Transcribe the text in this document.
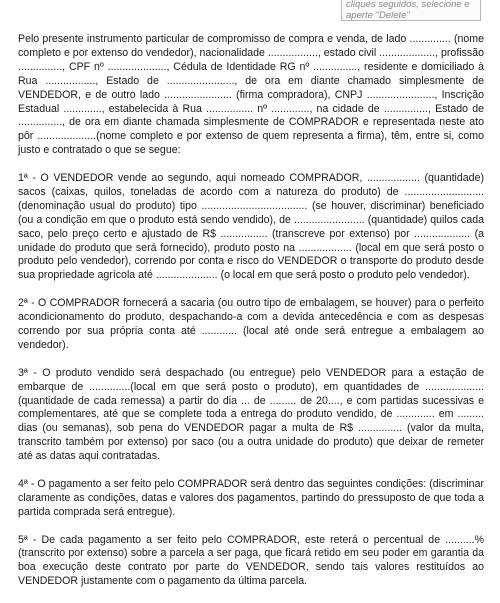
cliques seguidos, selecione e
aperte "Delete"

Pelo presente instrumento particular de compromisso de compra e venda, de lado .............. (nome completo e por extenso do vendedor), nacionalidade ................., estado civil ..................., profissão ..............., CPF nº ...................., Cédula de Identidade RG nº ..............., residente e domiciliado à Rua ................., Estado de ......................., de ora em diante chamado simplesmente de VENDEDOR, e de outro lado ....................... (firma compradora), CNPJ ......................., Inscrição Estadual ............., estabelecida à Rua ................ nº ............., na cidade de ..............., Estado de ..............., de ora em diante chamada simplesmente de COMPRADOR e representada neste ato pôr ....................(nome completo e por extenso de quem representa a firma), têm, entre si, como justo e contratado o que se segue:

1ª - O VENDEDOR vende ao segundo, aqui nomeado COMPRADOR, .................. (quantidade) sacos (caixas, quilos, toneladas de acordo com a natureza do produto) de ........................... (denominação usual do produto) tipo .................................... (se houver, discriminar) beneficiado (ou a condição em que o produto está sendo vendido), de ........................ (quantidade) quilos cada saco, pelo preço certo e ajustado de R$ ................ (transcreve por extenso) por ................... (a unidade do produto que será fornecido), produto posto na .................. (local em que será posto o produto pelo vendedor), correndo por conta e risco do VENDEDOR o transporte do produto desde sua propriedade agrícola até ..................... (o local em que será posto o produto pelo vendedor).

2ª - O COMPRADOR fornecerá a sacaria (ou outro tipo de embalagem, se houver) para o perfeito acondicionamento do produto, despachando-a com a devida antecedência e com as despesas correndo por sua própria conta até ............ (local até onde será entregue a embalagem ao vendedor).

3ª - O produto vendido será despachado (ou entregue) pelo VENDEDOR para a estação de embarque de ..............(local em que será posto o produto), em quantidades de ....................(quantidade de cada remessa) a partir do dia ... de ......... de 20...., e com partidas sucessivas e complementares, até que se complete toda a entrega do produto vendido, de ............. em ......... dias (ou semanas), sob pena do VENDEDOR pagar a multa de R$ ............... (valor da multa, transcrito também por extenso) por saco (ou a outra unidade do produto) que deixar de remeter até as datas aqui contratadas.

4ª - O pagamento a ser feito pelo COMPRADOR será dentro das seguintes condições: (discriminar claramente as condições, datas e valores dos pagamentos, partindo do pressuposto de que toda a partida comprada será entregue).

5ª - De cada pagamento a ser feito pelo COMPRADOR, este reterá o percentual de ..........% (transcrito por extenso) sobre a parcela a ser paga, que ficará retido em seu poder em garantia da boa execução deste contrato por parte do VENDEDOR, sendo tais valores restituídos ao VENDEDOR justamente com o pagamento da última parcela.
